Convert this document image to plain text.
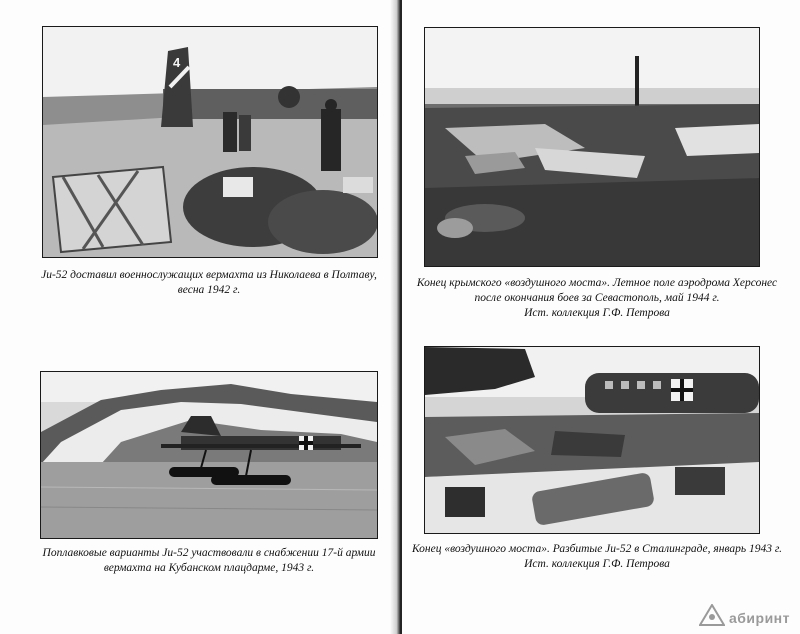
4
Ju-52 доставил военнослужащих вермахта из Николаева в Полтаву,
весна 1942 г.
Поплавковые варианты Ju-52 участвовали в снабжении 17-й армии
вермахта на Кубанском плацдарме, 1943 г.
Конец крымского «воздушного моста». Летное поле аэродрома Херсонес
после окончания боев за Севастополь, май 1944 г.
Ист. коллекция Г.Ф. Петрова
Конец «воздушного моста». Разбитые Ju-52 в Сталинграде, январь 1943 г.
Ист. коллекция Г.Ф. Петрова
абиринт
